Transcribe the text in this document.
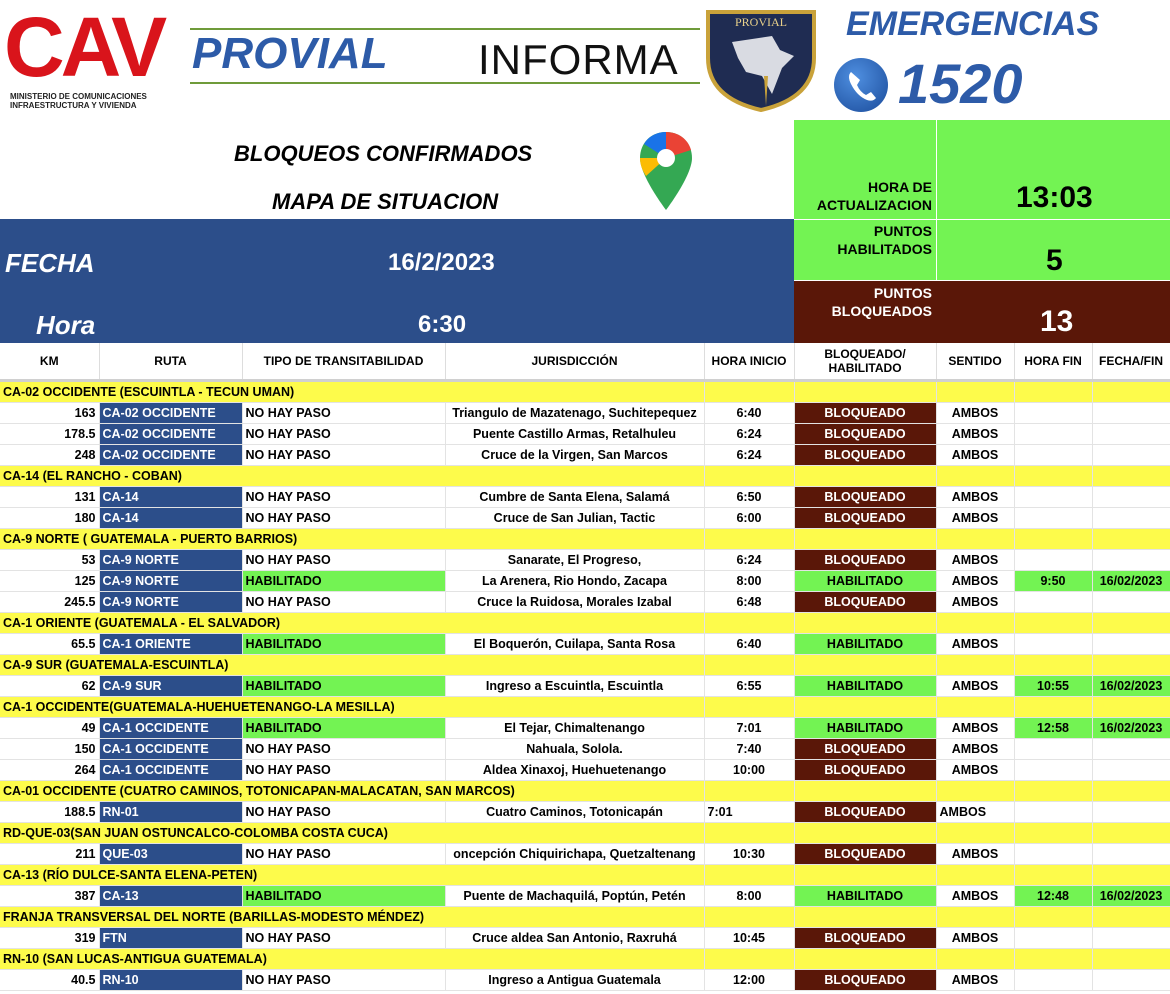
CAV
MINISTERIO DE COMUNICACIONES
INFRAESTRUCTURA Y VIVIENDA
PROVIAL INFORMA
PROVIAL EMERGENCIAS
1520
BLOQUEOS CONFIRMADOS
MAPA DE SITUACION
FECHA	16/2/2023
Hora	6:30
HORA DE ACTUALIZACION	13:03
PUNTOS HABILITADOS	5
PUNTOS BLOQUEADOS	13
KM	RUTA	TIPO DE TRANSITABILIDAD	JURISDICCIÓN	HORA INICIO	BLOQUEADO/ HABILITADO	SENTIDO	HORA FIN	FECHA/FIN
CA-02 OCCIDENTE (ESCUINTLA - TECUN UMAN)								
163	CA-02 OCCIDENTE	NO HAY PASO	Triangulo de Mazatenago, Suchitepequez	6:40	BLOQUEADO	AMBOS		
178.5	CA-02 OCCIDENTE	NO HAY PASO	Puente Castillo Armas, Retalhuleu	6:24	BLOQUEADO	AMBOS		
248	CA-02 OCCIDENTE	NO HAY PASO	Cruce de la Virgen, San Marcos	6:24	BLOQUEADO	AMBOS		
CA-14 (EL RANCHO - COBAN)								
131	CA-14	NO HAY PASO	Cumbre de Santa Elena, Salamá	6:50	BLOQUEADO	AMBOS		
180	CA-14	NO HAY PASO	Cruce de San Julian, Tactic	6:00	BLOQUEADO	AMBOS		
CA-9 NORTE ( GUATEMALA - PUERTO BARRIOS)								
53	CA-9 NORTE	NO HAY PASO	Sanarate, El Progreso,	6:24	BLOQUEADO	AMBOS		
125	CA-9 NORTE	HABILITADO	La Arenera, Rio Hondo, Zacapa	8:00	HABILITADO	AMBOS	9:50	16/02/2023
245.5	CA-9 NORTE	NO HAY PASO	Cruce la Ruidosa, Morales Izabal	6:48	BLOQUEADO	AMBOS		
CA-1 ORIENTE (GUATEMALA - EL SALVADOR)								
65.5	CA-1 ORIENTE	HABILITADO	El Boquerón, Cuilapa, Santa Rosa	6:40	HABILITADO	AMBOS		
CA-9 SUR (GUATEMALA-ESCUINTLA)								
62	CA-9 SUR	HABILITADO	Ingreso a Escuintla, Escuintla	6:55	HABILITADO	AMBOS	10:55	16/02/2023
CA-1 OCCIDENTE(GUATEMALA-HUEHUETENANGO-LA MESILLA)								
49	CA-1 OCCIDENTE	HABILITADO	El Tejar, Chimaltenango	7:01	HABILITADO	AMBOS	12:58	16/02/2023
150	CA-1 OCCIDENTE	NO HAY PASO	Nahuala, Solola.	7:40	BLOQUEADO	AMBOS		
264	CA-1 OCCIDENTE	NO HAY PASO	Aldea Xinaxoj, Huehuetenango	10:00	BLOQUEADO	AMBOS		
CA-01 OCCIDENTE (CUATRO CAMINOS, TOTONICAPAN-MALACATAN, SAN MARCOS)								
188.5	RN-01	NO HAY PASO	Cuatro Caminos, Totonicapán	7:01	BLOQUEADO	AMBOS		
RD-QUE-03(SAN JUAN OSTUNCALCO-COLOMBA COSTA CUCA)								
211	QUE-03	NO HAY PASO	oncepción Chiquirichapa, Quetzaltenang	10:30	BLOQUEADO	AMBOS		
CA-13 (RÍO DULCE-SANTA ELENA-PETEN)								
387	CA-13	HABILITADO	Puente de Machaquilá, Poptún, Petén	8:00	HABILITADO	AMBOS	12:48	16/02/2023
FRANJA TRANSVERSAL DEL NORTE (BARILLAS-MODESTO MÉNDEZ)								
319	FTN	NO HAY PASO	Cruce aldea San Antonio, Raxruhá	10:45	BLOQUEADO	AMBOS		
RN-10 (SAN LUCAS-ANTIGUA GUATEMALA)								
40.5	RN-10	NO HAY PASO	Ingreso a Antigua Guatemala	12:00	BLOQUEADO	AMBOS		
